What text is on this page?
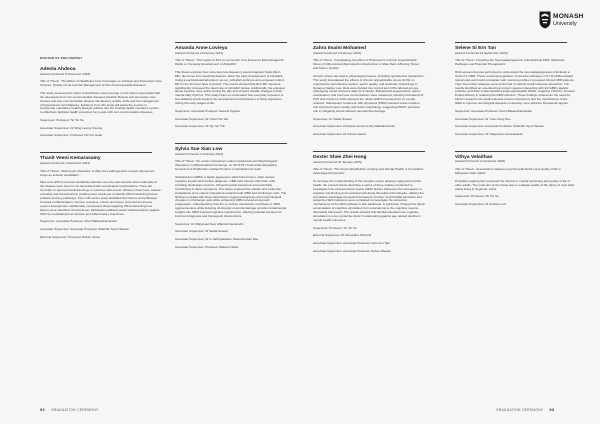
MONASH
University
DOCTOR OF PHILOSOPHY
Adeola Ahdeoa

(Award Conferred 8 November 2018)

Title of Thesis: 'The Effect of Healthcare Cost Coverages on Lifestyle and Preventive Care Choices, Quality of Life and the Management of Non-Communicable Diseases.'

This study assessed the effect of healthcare cost coverage on the factors associated with the development of non-communicable diseases (healthy lifestyle and preventive care choices and non-communicable disease risk factors), quality of life and the management of hypertension and diabetes. Evidence from this study will assist the country to incorporate mandatory healthy lifestyle policies into the existing health insurance system to effectively facilitate health protection for people with non-communicable diseases.

Supervisor: Professor Tin Tin Su

Associate Supervisor: Dr Wing Leong Cheong

Associate Supervisor: Professor Hui Fei Goak

Thanit Veeni Kemarasamy

(Award Conferred 1 December 2021)

Title of Thesis: 'Multi-omics dissection of Zika virus pathogenesis reveals repurposed drugs as antiviral candidates.'

Zika virus (ZIKV) received worldwide attention over the past decade when outbreaks of the disease were found to be associated with neurological complications. There are currently no approved antiviral drugs or vaccines with proven efficacy. Novel host, nuclear-encoding and transcriptomic profiling were employed to identify ZIKV-interacting human proteins and key pathways. This multi-omics study identified host factors and pathways involved in inflammation, immune response, mitotic processes, and central nervous system development. Additionally, repurposed drugs targeting ZIKV-interacting host factors were identified. Among these, Zafirlukast exhibited potent antiviral activity against ZIKV by modulating host immune and inflammatory responses.

Supervisor: Associate Professor Vinod Balasubramaniam

Associate Supervisor: Associate Professor Shahidin Syed Hassan

External Supervisor: Professor Ruben Jones

Amanda Anne Lovieya

(Award Conferred 4 February 2022)

Title of Thesis: 'The Impact of SCI on Locomotor Cue-frequency Electromagnetic Fields on the Early Development of Zebrafish'

This thesis explores how extremely low-frequency electromagnetic fields (ELF-MF), like those from electrical devices, affect the early development of zebrafish. Using a sophisticated laboratory set-up, zebrafish embryos were exposed to ELF-MF for the first four days of growth. The results showed that ELF-MF exposure significantly increased the heart rate of zebrafish larvae. Additionally, the exposed larvae became more active during the day and showed notable changes in their natural daily rhythms. This study helps us understand how everyday exposure to low-radiation levels impacts the development and behaviour of living organisms during the early stages of life.

Supervisor: Associate Professor Satoshi Ogawa

Associate Supervisor: Dr Chan Hwi Tan

Associate Supervisor: Dr Ng Yon Thu

Sylvia Sue Xian Low

(Award Conferred 1 February 2021)

Title of Thesis: 'On culture interactions induce behavioral and Morphological Alterations in Differentiated Oncolonge: on SH-SY5Y Cells while Regulating Survival and Proliferation-related Proteins in Glioblastoma Cells'

Glioblastoma (GBM), a highly aggressive adult brain tumour, often causes cognitive impairments before diagnosis. GBM cells interact with brain cells, including cholinergic neurons, influencing their behaviour and potentially contributing to these symptoms. The thesis explored the cellular and molecular implications of co-culture interactions towards both GBM and cholinergic cells. The findings revealed that these interactions triggered apoptosis and morphological changes in cholinergic cells while enhancing GBM survival and growth progression. Understanding how the co-culture interactions contribute to GBM aggressiveness while inducing cholinergic neuronal damage provides fundamental insights into GBM-induced cognitive impairments, offering potential avenues for improved diagnosis and therapeutic interventions.

Supervisor: Dr Muhamad Noor Alfarizal Kamarudin

Associate Supervisor: Dr Sadia Nowad

Associate Supervisor: Dr G Sathiyaladeen Sharanmohan Rao

Associate Supervisor: Professor Rakesh Naidu

Zahra Imaini Mohamed

(Award Conferred 4 February 2022)

Title of Thesis: 'Investigating the effect of Phytoneol in Chronic Unpredictable Stress (CUS)-induced Reproductive Dysfunction in Male Rats: Affecting Testes and Sperm Quality'

Chronic stress can lead to physiological issues, including reproductive dysfunction. This study investigated the effects of chronic unpredictable stress (CUS) on reproductive reproductive system, sperm quality, and testicular morphology in Sprague Dawley rats. Rats were divided into control and CUS-induced groups, undergoing mixed stressors daily for 6 weeks. Behavioural assessments, sperm examination, and hormone concentrations were measured, showing increased LH-FSH and cortisol in CUS-induced rats, while GnRH-increased but no Leydig reduced. Subsequent 'treatment' with phytoneol (PRM) reduced stress markers and improved sperm quality and testis morphology, suggesting PRM's potential role in mitigating stress-induced reproductive damage.

Supervisor: Dr Sadia Nowad

Associate Supervisor: Professor Ammu Kutty Radhakrishnan

Associate Supervisor: Dr Pascal Jaded

Dexter Shee Zhei Hong

(Award Conferred 22 January 2025)

Title of Thesis: 'The Social Stratification of Aging and Mental Health: A Cumulative Advantage Perspective'

To increase the understanding of the complex nature between aging and mental health, the present thesis describes a series of three studies conducted to investigate how socioeconomic status (SES) factors influences the divergence in cognitive functioning and emotional well-being throughout the lifespan, utilizing the cumulative advantage theoretical framework. Further, both familial education and subjective SES indicators were correlated to investigate the protective mechanisms of the SES pathway to late adulthood. In particular, through this thesis accumulation of cognitive stimulation from educational to the cognitive reserve theoretical framework. The results showed that familial education are cognitive stimulation is a key protective factor in attenuating against age related decline in mental health outcomes.

Supervisor: Professor Tin Tin Su

External Supervisor: Dr Alexandra Schwind

Associate Supervisor: Associate Professor Caro-Jen Tam

Associate Supervisor: Associate Professor Nobuo Masaki

Selene Si Ern Tan

(Award Conferred 22 September 2024)

Title of Thesis: 'Unveiling the Neuroadaptogenesis of Embelinoid MNF: Molecular Pathways and Potential Therapeutics'

RNA sequencing was performed to understand the neuroadaptogenesis of Embelin a Gold of a GBM. These reveal dysregulation of relevant pathways in SY-5Y-differentiated neural cells and found correlation with outcome profiles in grouped clinical GBM patients. Then two further analyses were performed to identify small-molecule interaction. The results identified an extended host protein species interacting with EV-GBM catalytic proteins, and ZAG-3 was identified antiproteinaseidlin DMSL. targeting L3MLS7, showed limited efficacy in reducing EV-GBM infection. These findings underscore the need for further research into small-molecule protein interactions and the mechanisms of EV-GBM to improve neurological diseases to develop more effective therapeutic agents.

Supervisor: Associate Professor Vinod Balasubramaniam

Associate Supervisor: Dr Yuan Feng Hsu

Associate Supervisor: Associate Professor Shahidin Syed Hassan

Associate Supervisor: Dr Nageswari Gunasekaran

Vithya Velaithan

(Award Conferred 4 November 2024)

Title of Thesis: 'Associations between psychosocial factors and quality of life in Malaysian older adults'

Population ageing has increased the interest in mental well-being and quality of life of older adults. The main aim of the thesis was to evaluate quality of life (QoL) of rural older adults living in Segamat, Johor.

Supervisor: Professor Tin Tin Su

Associate Supervisor: Dr Andrew Lum

92 GRADUATION CEREMONY	GRADUATION CEREMONY 93
